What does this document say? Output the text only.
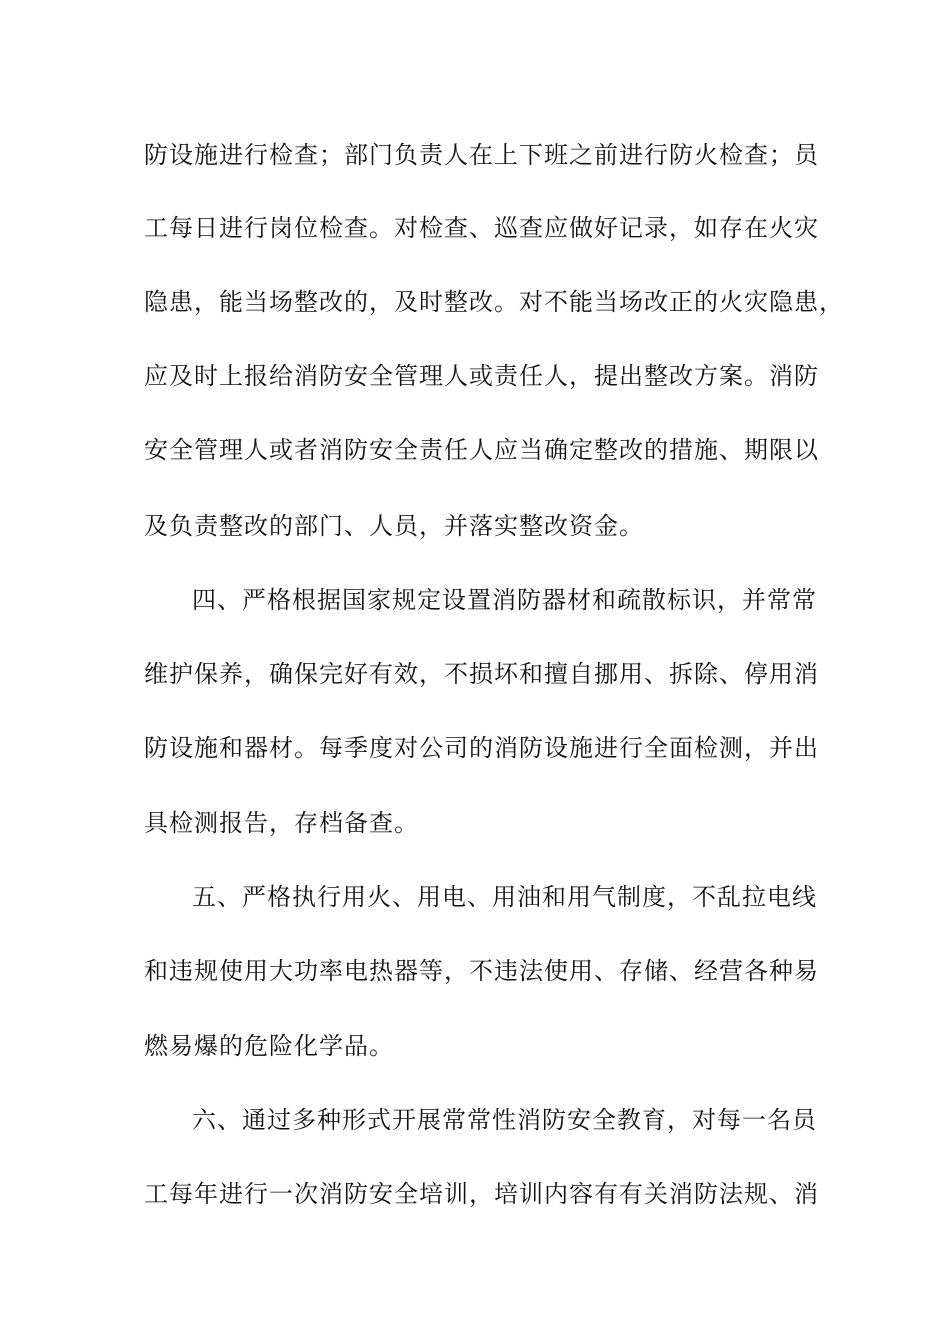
防设施进行检查；部门负责人在上下班之前进行防火检查；员
工每日进行岗位检查。对检查、巡查应做好记录，如存在火灾
隐患，能当场整改的，及时整改。对不能当场改正的火灾隐患，
应及时上报给消防安全管理人或责任人，提出整改方案。消防
安全管理人或者消防安全责任人应当确定整改的措施、期限以
及负责整改的部门、人员，并落实整改资金。
四、严格根据国家规定设置消防器材和疏散标识，并常常
维护保养，确保完好有效，不损坏和擅自挪用、拆除、停用消
防设施和器材。每季度对公司的消防设施进行全面检测，并出
具检测报告，存档备查。
五、严格执行用火、用电、用油和用气制度，不乱拉电线
和违规使用大功率电热器等，不违法使用、存储、经营各种易
燃易爆的危险化学品。
六、通过多种形式开展常常性消防安全教育，对每一名员
工每年进行一次消防安全培训，培训内容有有关消防法规、消
